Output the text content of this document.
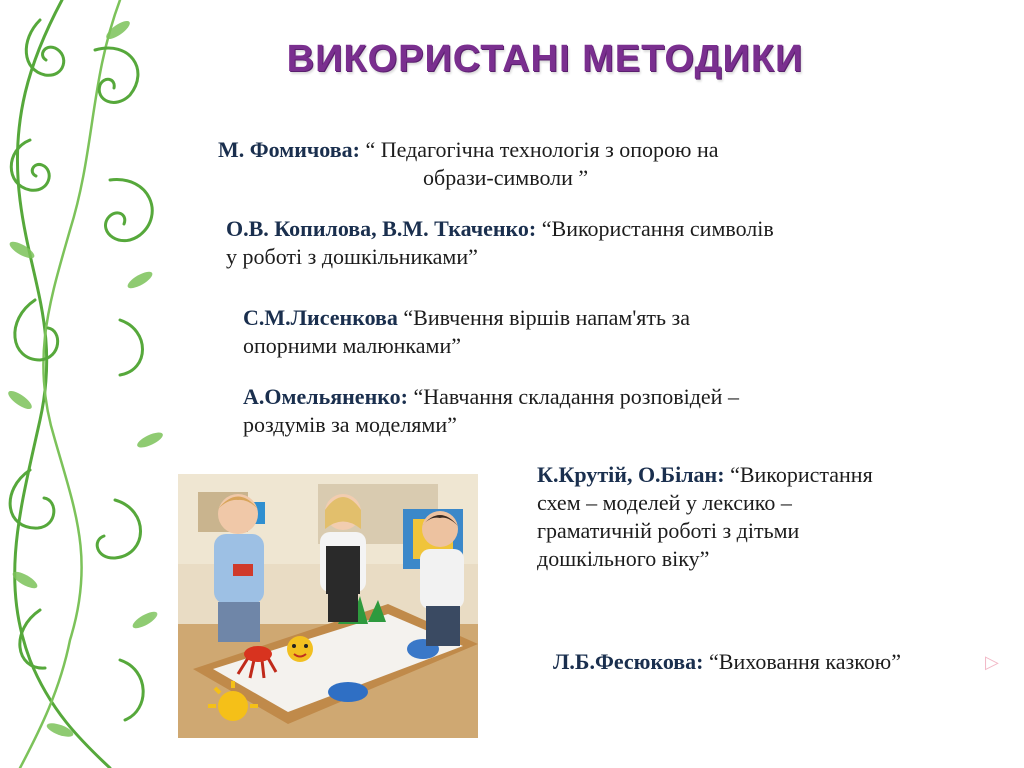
ВИКОРИСТАНІ МЕТОДИКИ
М. Фомичова: “ Педагогічна технологія з опорою на
образи-символи ”
О.В. Копилова, В.М. Ткаченко: “Використання символів
у роботі з дошкільниками”
С.М.Лисенкова “Вивчення віршів напам'ять за
опорними малюнками”
А.Омельяненко: “Навчання складання розповідей –
роздумів за моделями”
К.Крутій, О.Білан: “Використання
схем – моделей у лексико –
граматичній роботі з дітьми
дошкільного віку”
Л.Б.Фесюкова: “Виховання казкою”	▷
